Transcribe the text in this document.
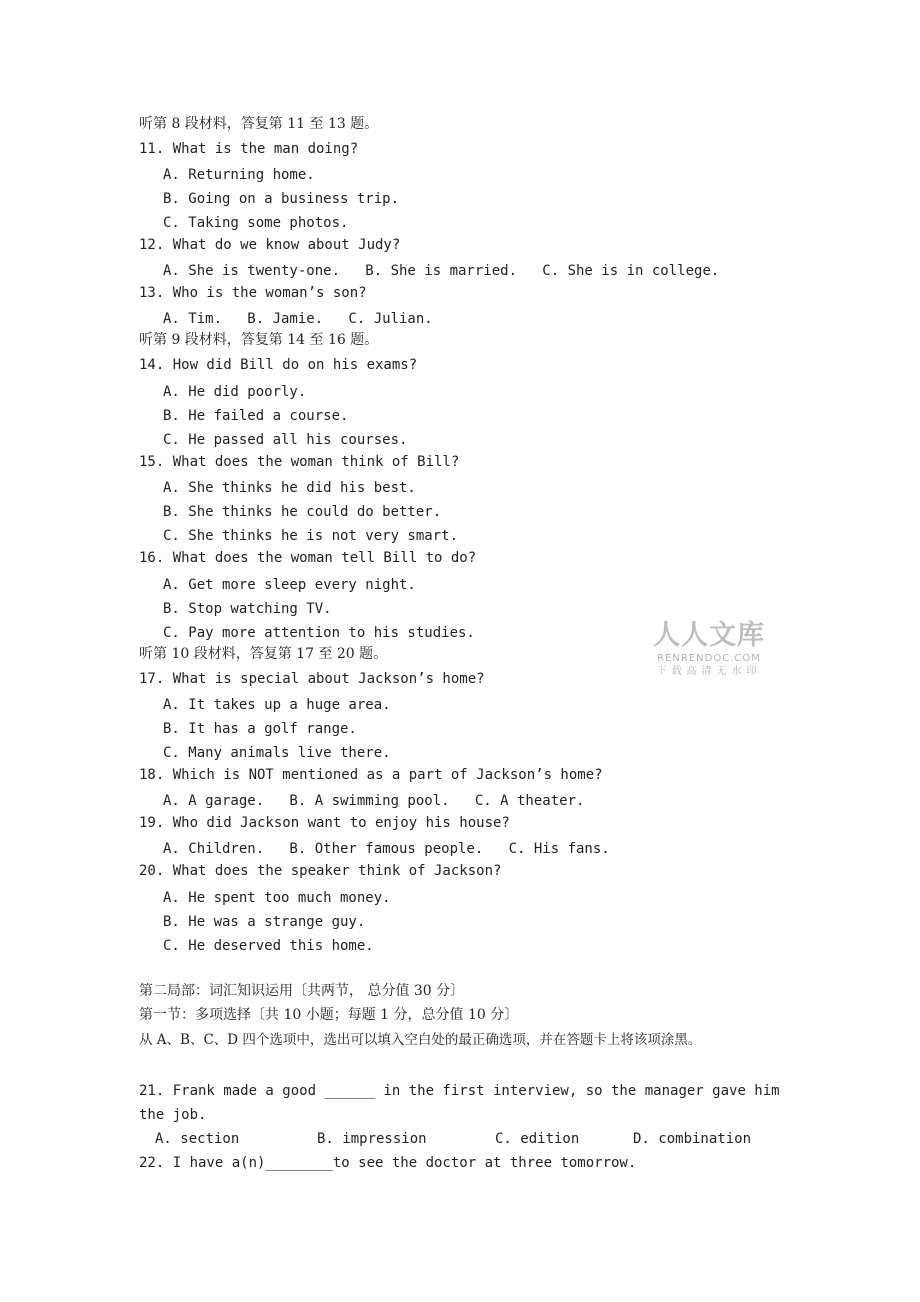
听第 8 段材料，答复第 11 至 13 题。
11. What is the man doing?
A. Returning home.
B. Going on a business trip.
C. Taking some photos.
12. What do we know about Judy?
A. She is twenty-one.   B. She is married.   C. She is in college.
13. Who is the woman’s son?
A. Tim.   B. Jamie.   C. Julian.
听第 9 段材料，答复第 14 至 16 题。
14. How did Bill do on his exams?
A. He did poorly.
B. He failed a course.
C. He passed all his courses.
15. What does the woman think of Bill?
A. She thinks he did his best.
B. She thinks he could do better.
C. She thinks he is not very smart.
16. What does the woman tell Bill to do?
A. Get more sleep every night.
B. Stop watching TV.
C. Pay more attention to his studies.
听第 10 段材料，答复第 17 至 20 题。
17. What is special about Jackson’s home?
A. It takes up a huge area.
B. It has a golf range.
C. Many animals live there.
18. Which is NOT mentioned as a part of Jackson’s home?
A. A garage.   B. A swimming pool.   C. A theater.
19. Who did Jackson want to enjoy his house?
A. Children.   B. Other famous people.   C. His fans.
20. What does the speaker think of Jackson?
A. He spent too much money.
B. He was a strange guy.
C. He deserved this home.
第二局部：词汇知识运用〔共两节， 总分值 30 分〕
第一节：多项选择〔共 10 小题；每题 1 分，总分值 10 分〕
从 A、B、C、D 四个选项中，选出可以填入空白处的最正确选项，并在答题卡上将该项涂黑。
21. Frank made a good ______ in the first interview, so the manager gave him
the job.
A. section	B. impression	C. edition	D. combination
22. I have a(n)________to see the doctor at three tomorrow.
人人文库
RENRENDOC.COM
下载高清无水印
